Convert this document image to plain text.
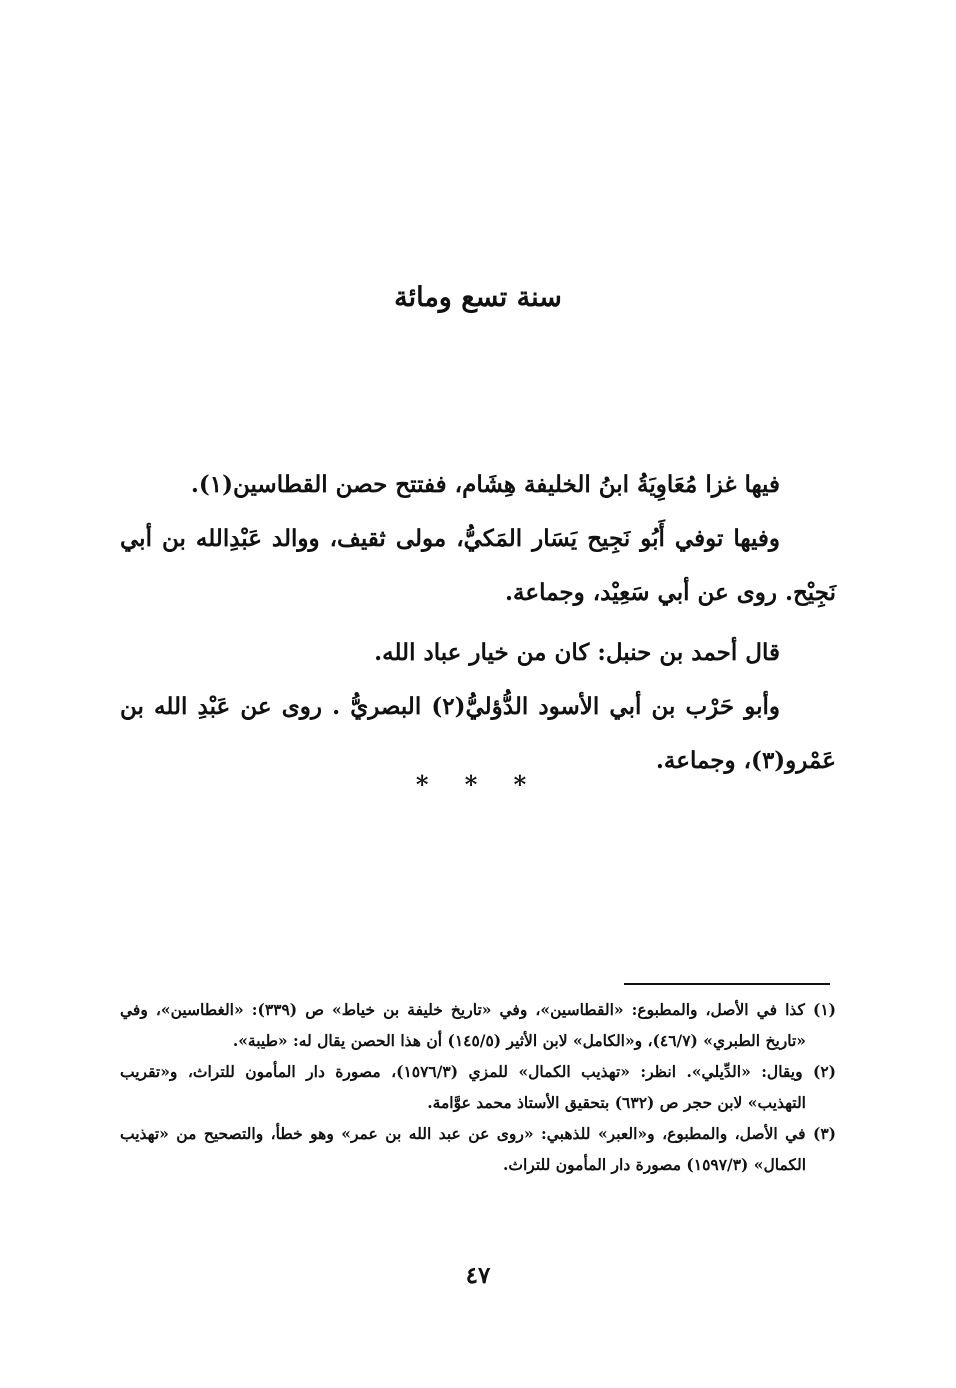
سنة تسع ومائة

فيها غزا مُعَاوِيَةُ ابنُ الخليفة هِشَام، ففتتح حصن القطاسين(١).

وفيها توفي أَبُو نَجِيح يَسَار المَكيُّ، مولى ثقيف، ووالد عَبْدِالله بن أبي نَجِيْح. روى عن أبي سَعِيْد، وجماعة.

قال أحمد بن حنبل: كان من خيار عباد الله.

وأبو حَرْب بن أبي الأسود الدُّؤليُّ(٢) البصريُّ . روى عن عَبْدِ الله بن عَمْرو(٣)، وجماعة.

* * *

(١) كذا في الأصل، والمطبوع: «القطاسين»، وفي «تاريخ خليفة بن خياط» ص (٣٣٩): «الغطاسين»، وفي «تاريخ الطبري» (٤٦/٧)، و«الكامل» لابن الأثير (١٤٥/٥) أن هذا الحصن يقال له: «طيبة».

(٢) ويقال: «الدِّيلي». انظر: «تهذيب الكمال» للمزي (١٥٧٦/٣)، مصورة دار المأمون للتراث، و«تقريب التهذيب» لابن حجر ص (٦٣٢) بتحقيق الأستاذ محمد عوَّامة.

(٣) في الأصل، والمطبوع، و«العبر» للذهبي: «روى عن عبد الله بن عمر» وهو خطأ، والتصحيح من «تهذيب الكمال» (١٥٩٧/٣) مصورة دار المأمون للتراث.

٤٧
